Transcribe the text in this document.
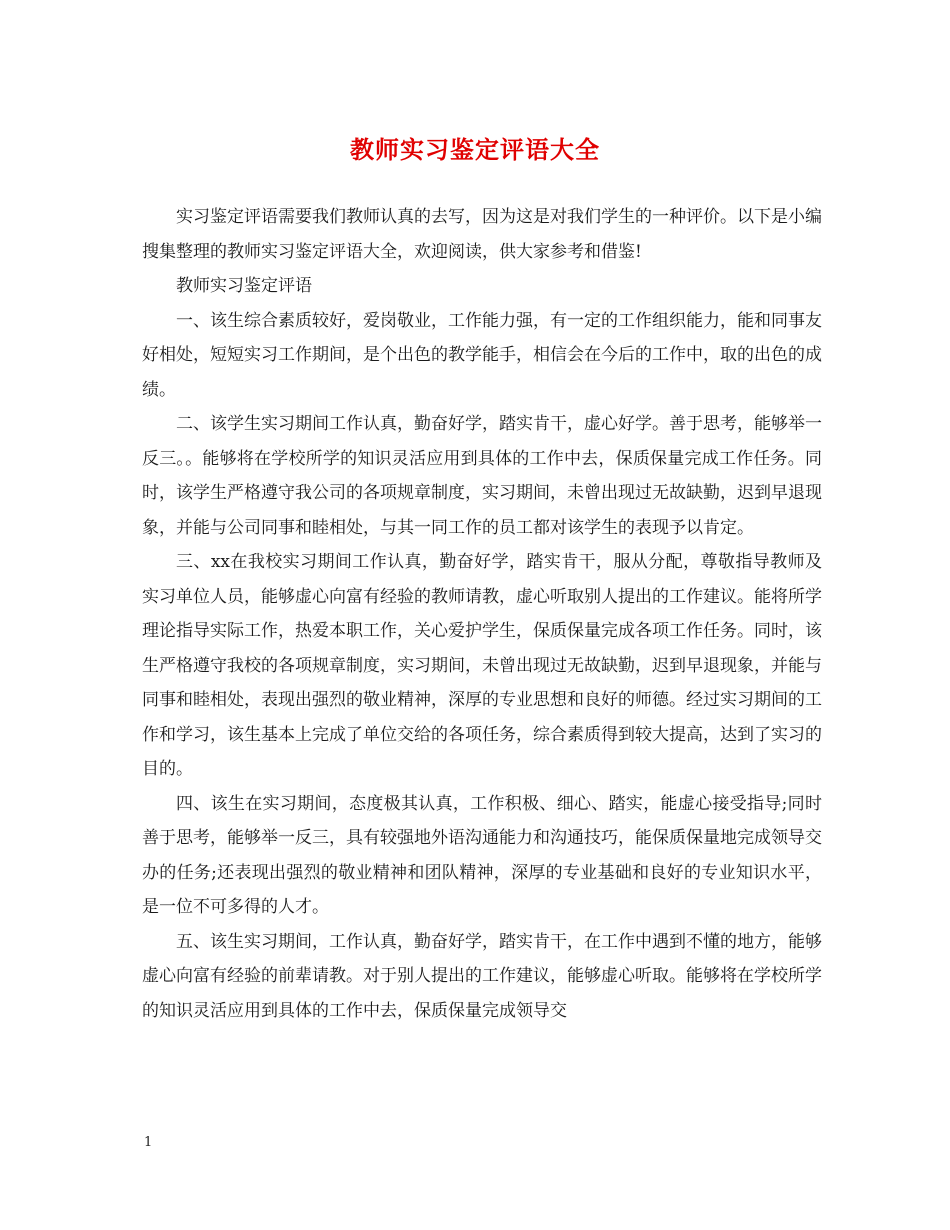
教师实习鉴定评语大全

实习鉴定评语需要我们教师认真的去写，因为这是对我们学生的一种评价。以下是小编搜集整理的教师实习鉴定评语大全，欢迎阅读，供大家参考和借鉴!

教师实习鉴定评语

一、该生综合素质较好，爱岗敬业，工作能力强，有一定的工作组织能力，能和同事友好相处，短短实习工作期间，是个出色的教学能手，相信会在今后的工作中，取的出色的成绩。

二、该学生实习期间工作认真，勤奋好学，踏实肯干，虚心好学。善于思考，能够举一反三。。能够将在学校所学的知识灵活应用到具体的工作中去，保质保量完成工作任务。同时，该学生严格遵守我公司的各项规章制度，实习期间，未曾出现过无故缺勤，迟到早退现象，并能与公司同事和睦相处，与其一同工作的员工都对该学生的表现予以肯定。

三、xx在我校实习期间工作认真，勤奋好学，踏实肯干，服从分配，尊敬指导教师及实习单位人员，能够虚心向富有经验的教师请教，虚心听取别人提出的工作建议。能将所学理论指导实际工作，热爱本职工作，关心爱护学生，保质保量完成各项工作任务。同时，该生严格遵守我校的各项规章制度，实习期间，未曾出现过无故缺勤，迟到早退现象，并能与同事和睦相处，表现出强烈的敬业精神，深厚的专业思想和良好的师德。经过实习期间的工作和学习，该生基本上完成了单位交给的各项任务，综合素质得到较大提高，达到了实习的目的。

四、该生在实习期间，态度极其认真，工作积极、细心、踏实，能虚心接受指导;同时善于思考，能够举一反三，具有较强地外语沟通能力和沟通技巧，能保质保量地完成领导交办的任务;还表现出强烈的敬业精神和团队精神，深厚的专业基础和良好的专业知识水平，是一位不可多得的人才。

五、该生实习期间，工作认真，勤奋好学，踏实肯干，在工作中遇到不懂的地方，能够虚心向富有经验的前辈请教。对于别人提出的工作建议，能够虚心听取。能够将在学校所学的知识灵活应用到具体的工作中去，保质保量完成领导交

1
